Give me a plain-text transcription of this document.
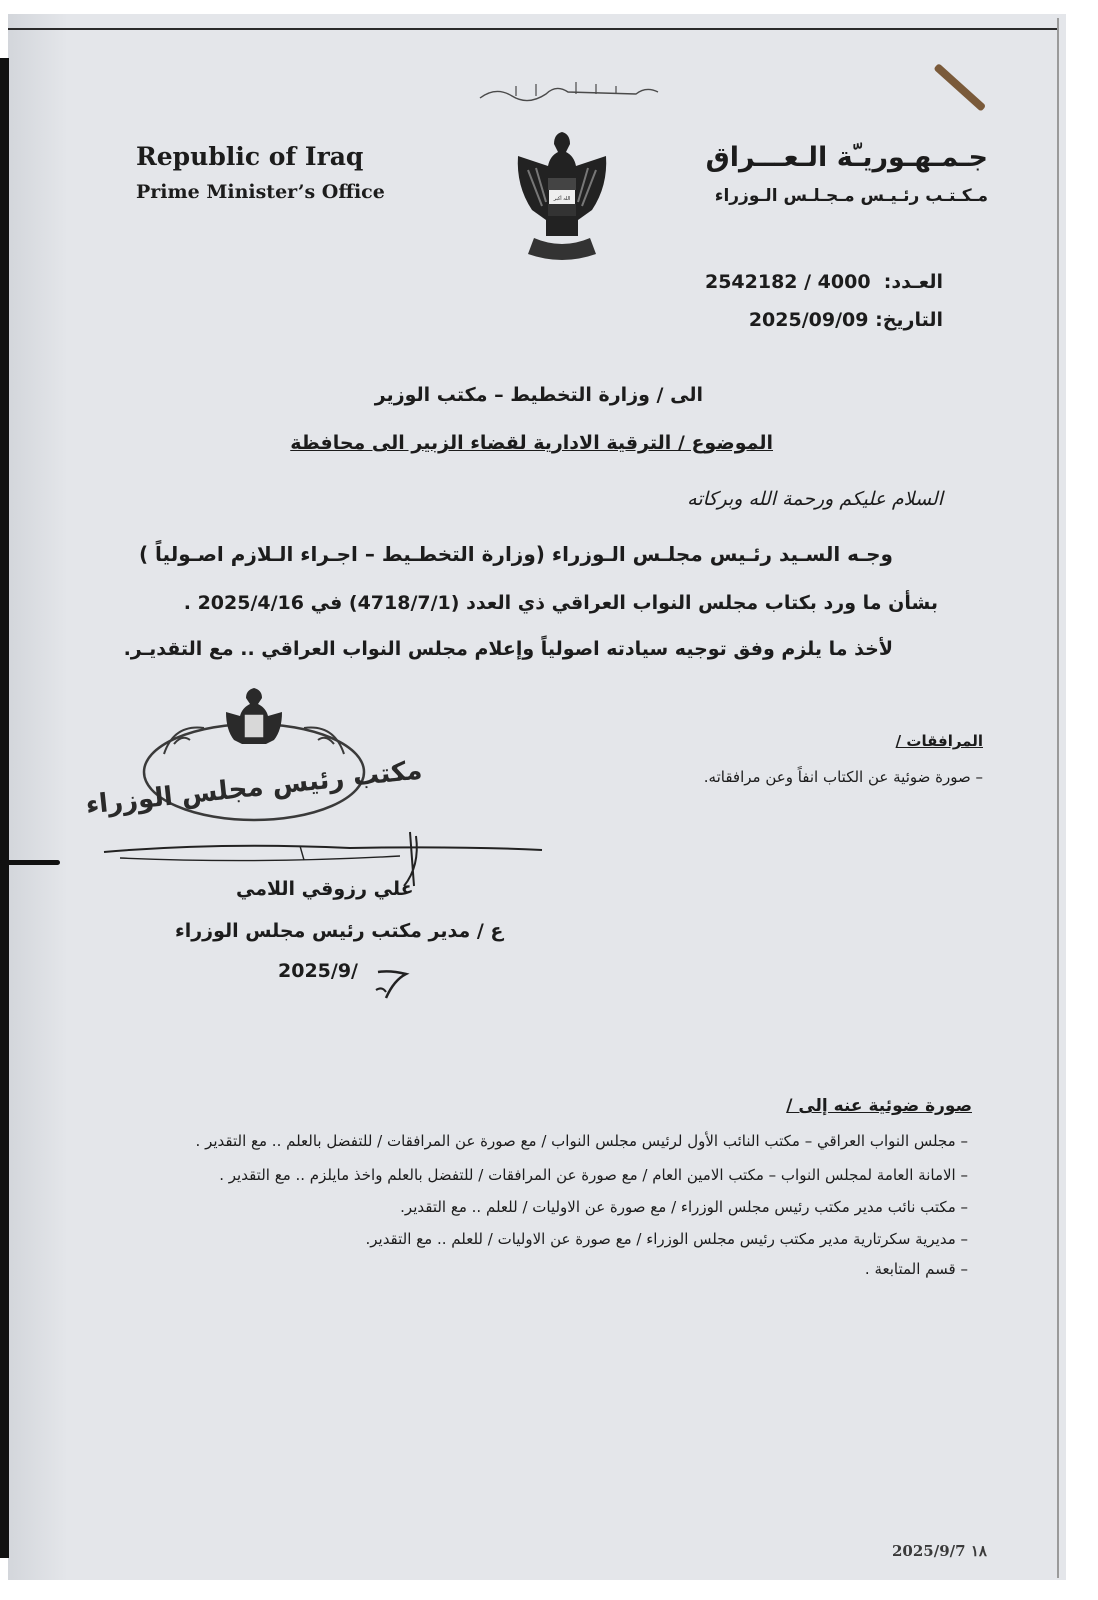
Republic of Iraq
Prime Minister’s Office
جـمـهـوريـّة الـعـــراق
مـكـتـب رئـيـس مـجـلـس الـوزراء
الله أكبر
العـدد:  2542182 / 4000
التاريخ: 2025/09/09
الى / وزارة التخطيط – مكتب الوزير
الموضوع / الترقية الادارية لقضاء الزبير الى محافظة
السلام عليكم ورحمة الله وبركاته
وجـه السـيد رئـيس مجلـس الـوزراء (وزارة التخطـيط – اجـراء الـلازم اصـولياً )
بشأن ما ورد بكتاب مجلس النواب العراقي ذي العدد (4718/7/1) في 2025/4/16 .
لأخذ ما يلزم وفق توجيه سيادته اصولياً وإعلام مجلس النواب العراقي .. مع التقديـر.
المرافقات /
– صورة ضوئية عن الكتاب انفاً وعن مرافقاته.
مكتب رئيس مجلس الوزراء
علي رزوقي اللامي
ع / مدير مكتب رئيس مجلس الوزراء
2025/9/
صورة ضوئية عنه إلى /
– مجلس النواب العراقي – مكتب النائب الأول لرئيس مجلس النواب / مع صورة عن المرافقات / للتفضل بالعلم .. مع التقدير .
– الامانة العامة لمجلس النواب – مكتب الامين العام / مع صورة عن المرافقات / للتفضل بالعلم واخذ مايلزم .. مع التقدير .
– مكتب نائب مدير مكتب رئيس مجلس الوزراء / مع صورة عن الاوليات / للعلم .. مع التقدير.
– مديرية سكرتارية مدير مكتب رئيس مجلس الوزراء / مع صورة عن الاوليات / للعلم .. مع التقدير.
– قسم المتابعة .
2025/9/7 ١٨
